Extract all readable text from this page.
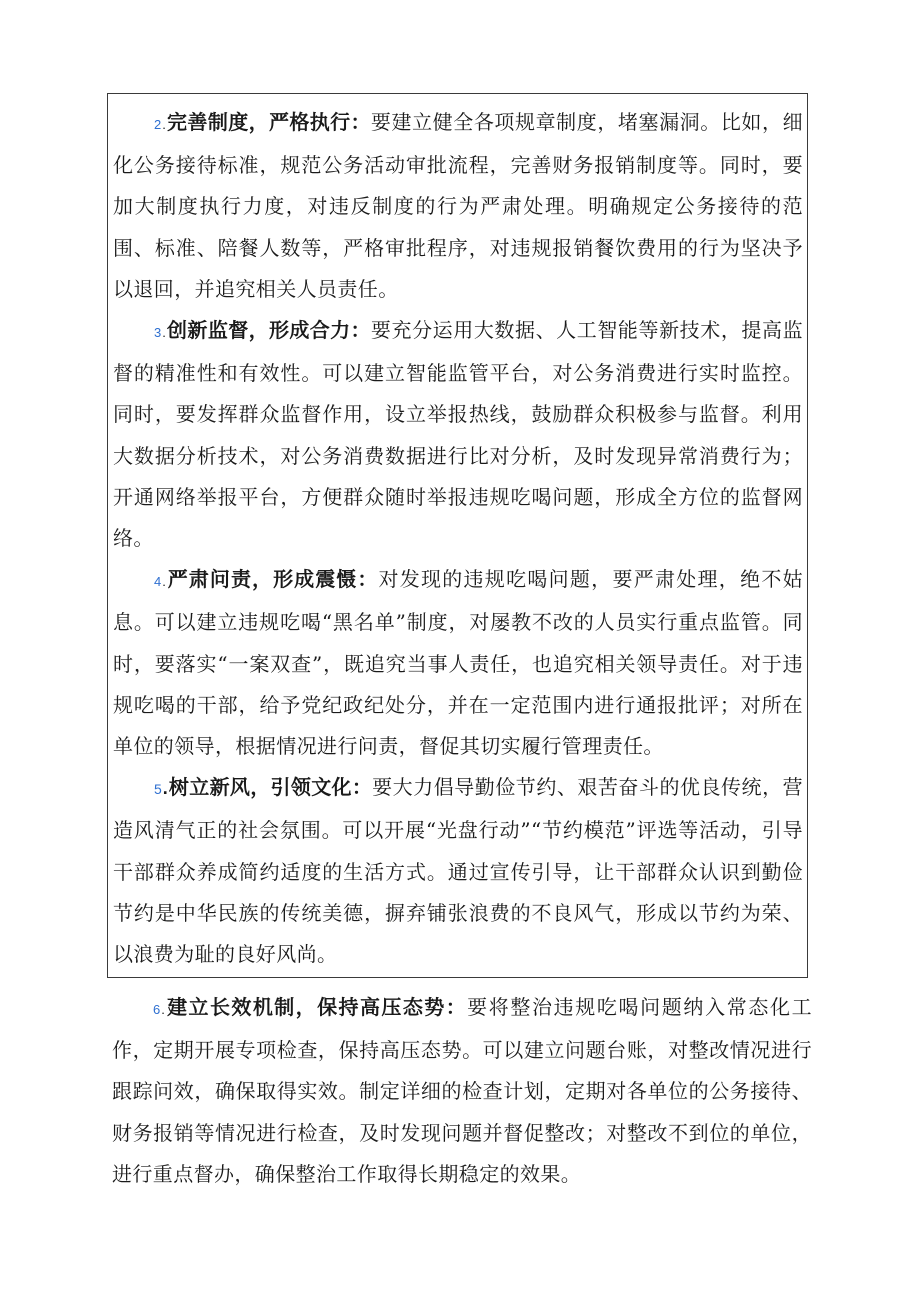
2.完善制度，严格执行：要建立健全各项规章制度，堵塞漏洞。比如，细化公务接待标准，规范公务活动审批流程，完善财务报销制度等。同时，要加大制度执行力度，对违反制度的行为严肃处理。明确规定公务接待的范围、标准、陪餐人数等，严格审批程序，对违规报销餐饮费用的行为坚决予以退回，并追究相关人员责任。

3.创新监督，形成合力：要充分运用大数据、人工智能等新技术，提高监督的精准性和有效性。可以建立智能监管平台，对公务消费进行实时监控。同时，要发挥群众监督作用，设立举报热线，鼓励群众积极参与监督。利用大数据分析技术，对公务消费数据进行比对分析，及时发现异常消费行为；开通网络举报平台，方便群众随时举报违规吃喝问题，形成全方位的监督网络。

4.严肃问责，形成震慑：对发现的违规吃喝问题，要严肃处理，绝不姑息。可以建立违规吃喝“黑名单”制度，对屡教不改的人员实行重点监管。同时，要落实“一案双查”，既追究当事人责任，也追究相关领导责任。对于违规吃喝的干部，给予党纪政纪处分，并在一定范围内进行通报批评；对所在单位的领导，根据情况进行问责，督促其切实履行管理责任。

5.树立新风，引领文化：要大力倡导勤俭节约、艰苦奋斗的优良传统，营造风清气正的社会氛围。可以开展“光盘行动”“节约模范”评选等活动，引导干部群众养成简约适度的生活方式。通过宣传引导，让干部群众认识到勤俭节约是中华民族的传统美德，摒弃铺张浪费的不良风气，形成以节约为荣、以浪费为耻的良好风尚。

6.建立长效机制，保持高压态势：要将整治违规吃喝问题纳入常态化工作，定期开展专项检查，保持高压态势。可以建立问题台账，对整改情况进行跟踪问效，确保取得实效。制定详细的检查计划，定期对各单位的公务接待、财务报销等情况进行检查，及时发现问题并督促整改；对整改不到位的单位，进行重点督办，确保整治工作取得长期稳定的效果。
